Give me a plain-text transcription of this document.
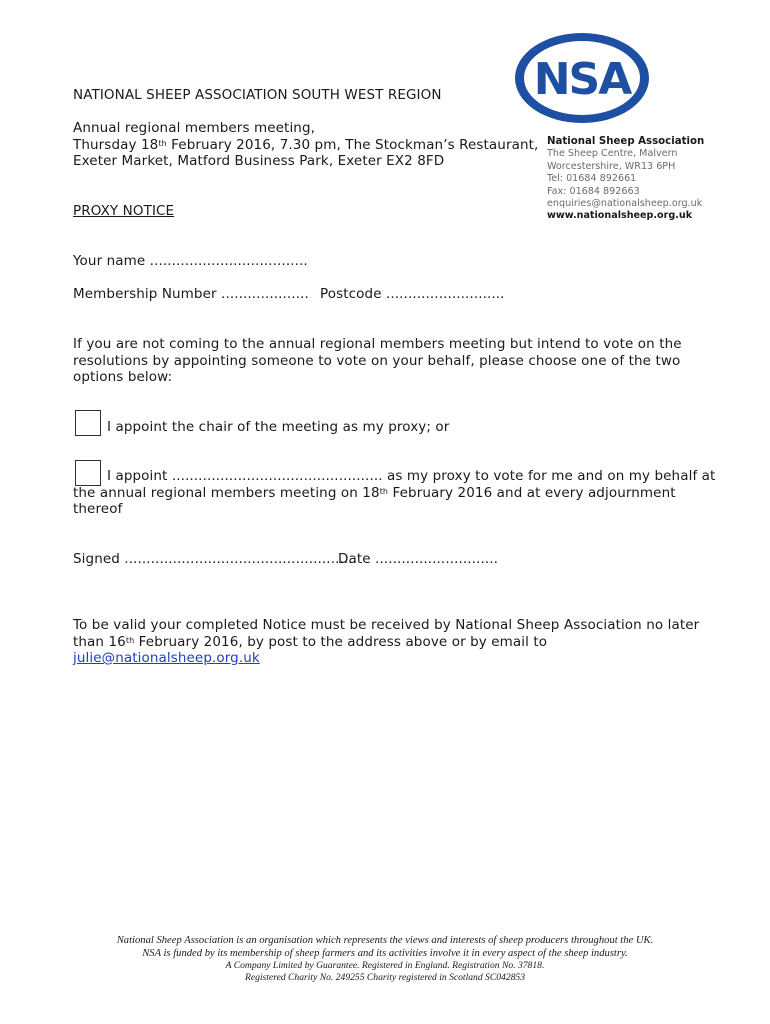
NSA
National Sheep Association
The Sheep Centre, Malvern
Worcestershire, WR13 6PH
Tel: 01684 892661
Fax: 01684 892663
enquiries@nationalsheep.org.uk
www.nationalsheep.org.uk
NATIONAL SHEEP ASSOCIATION SOUTH WEST REGION
Annual regional members meeting,
Thursday 18th February 2016, 7.30 pm, The Stockman’s Restaurant,
Exeter Market, Matford Business Park, Exeter EX2 8FD
PROXY NOTICE
Your name ....................................
Membership Number .................... Postcode ...........................
If you are not coming to the annual regional members meeting but intend to vote on the
resolutions by appointing someone to vote on your behalf, please choose one of the two
options below:
I appoint the chair of the meeting as my proxy; or
I appoint ................................................ as my proxy to vote for me and on my behalf at
the annual regional members meeting on 18th February 2016 and at every adjournment
thereof
Signed .....................................................
Date ............................
To be valid your completed Notice must be received by National Sheep Association no later
than 16th February 2016, by post to the address above or by email to
julie@nationalsheep.org.uk
National Sheep Association is an organisation which represents the views and interests of sheep producers throughout the UK.
NSA is funded by its membership of sheep farmers and its activities involve it in every aspect of the sheep industry.
A Company Limited by Guarantee. Registered in England. Registration No. 37818.
Registered Charity No. 249255 Charity registered in Scotland SC042853
